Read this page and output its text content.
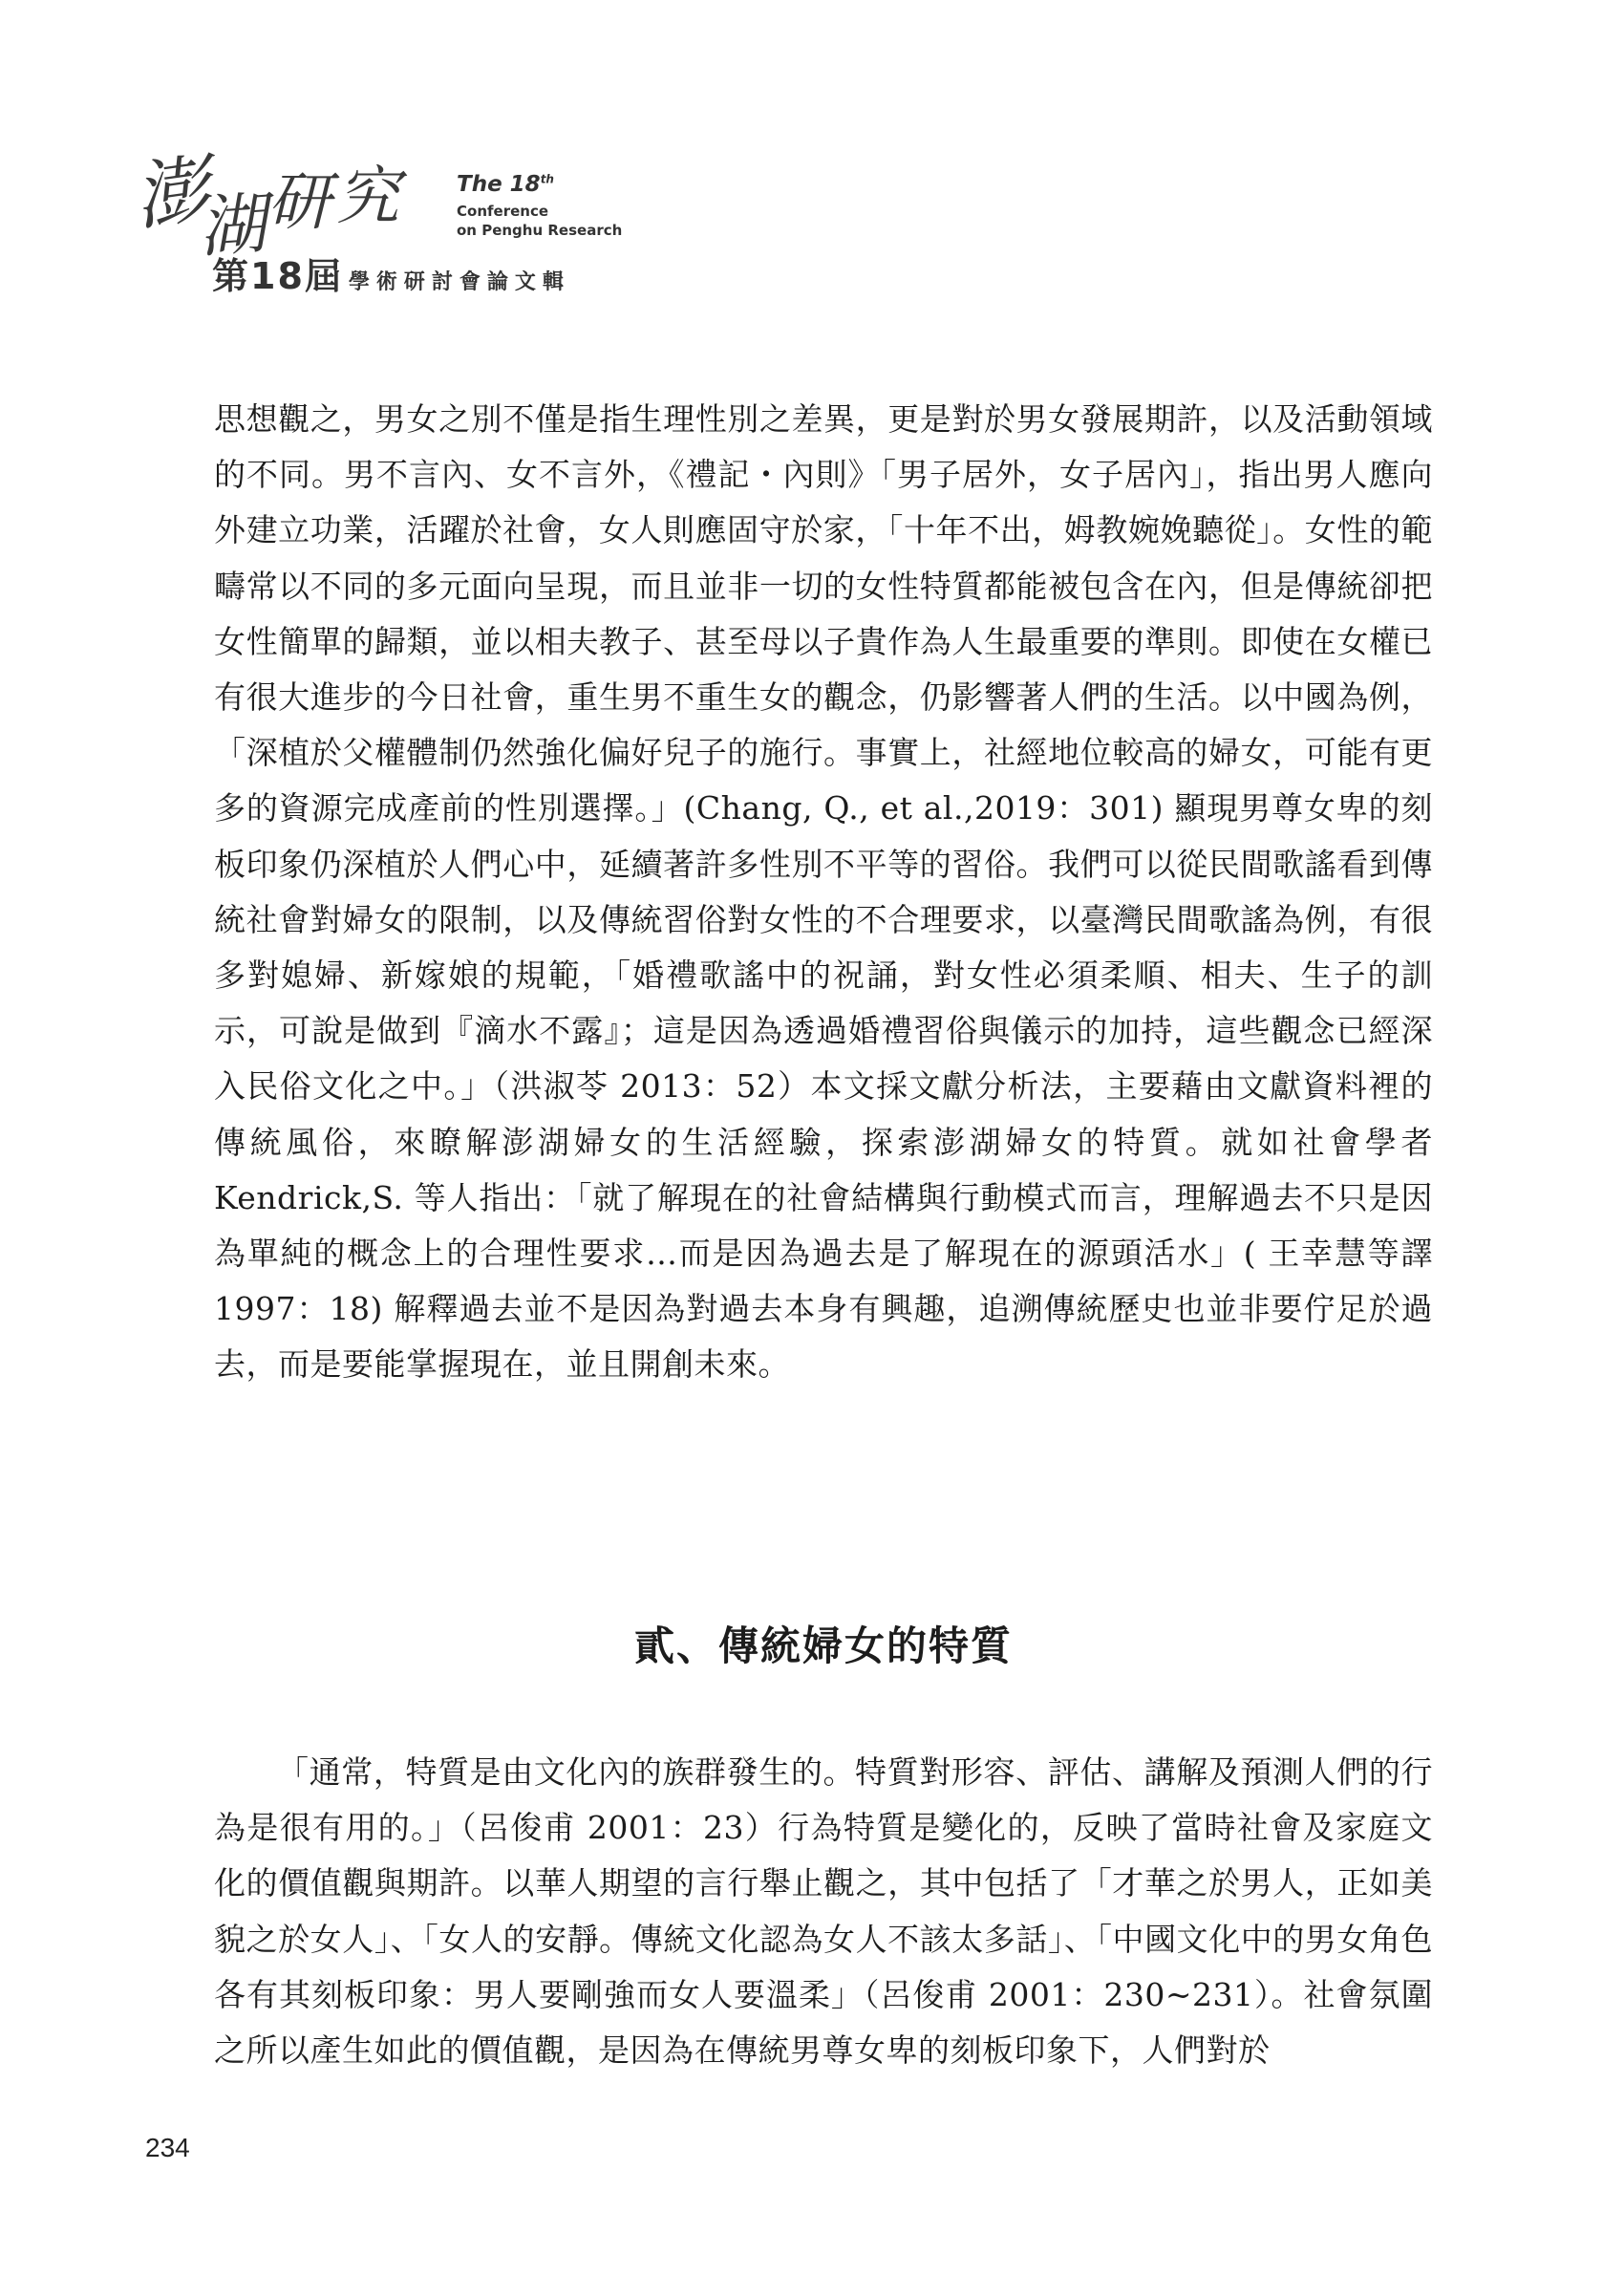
澎
湖
研 究	The 18th
Conference
on Penghu Research
第18屆 學術研討會論文輯

思想觀之，男女之別不僅是指生理性別之差異，更是對於男女發展期許，以及活動領域的不同。男不言內、女不言外，《禮記・內則》「男子居外，女子居內」，指出男人應向外建立功業，活躍於社會，女人則應固守於家，「十年不出，姆教婉娩聽從」。女性的範疇常以不同的多元面向呈現，而且並非一切的女性特質都能被包含在內，但是傳統卻把女性簡單的歸類，並以相夫教子、甚至母以子貴作為人生最重要的準則。即使在女權已有很大進步的今日社會，重生男不重生女的觀念，仍影響著人們的生活。以中國為例，「深植於父權體制仍然強化偏好兒子的施行。事實上，社經地位較高的婦女，可能有更多的資源完成產前的性別選擇。」(Chang, Q., et al.,2019：301) 顯現男尊女卑的刻板印象仍深植於人們心中，延續著許多性別不平等的習俗。我們可以從民間歌謠看到傳統社會對婦女的限制，以及傳統習俗對女性的不合理要求，以臺灣民間歌謠為例，有很多對媳婦、新嫁娘的規範，「婚禮歌謠中的祝誦，對女性必須柔順、相夫、生子的訓示，可說是做到『滴水不露』；這是因為透過婚禮習俗與儀示的加持，這些觀念已經深入民俗文化之中。」（洪淑苓 2013：52）本文採文獻分析法，主要藉由文獻資料裡的傳統風俗，來瞭解澎湖婦女的生活經驗，探索澎湖婦女的特質。就如社會學者 Kendrick,S. 等人指出：「就了解現在的社會結構與行動模式而言，理解過去不只是因為單純的概念上的合理性要求…而是因為過去是了解現在的源頭活水」( 王幸慧等譯 1997：18) 解釋過去並不是因為對過去本身有興趣，追溯傳統歷史也並非要佇足於過去，而是要能掌握現在，並且開創未來。

貳、傳統婦女的特質

「通常，特質是由文化內的族群發生的。特質對形容、評估、講解及預測人們的行為是很有用的。」（呂俊甫 2001：23）行為特質是變化的，反映了當時社會及家庭文化的價值觀與期許。以華人期望的言行舉止觀之，其中包括了「才華之於男人，正如美貌之於女人」、「女人的安靜。傳統文化認為女人不該太多話」、「中國文化中的男女角色各有其刻板印象：男人要剛強而女人要溫柔」（呂俊甫 2001：230~231）。社會氛圍之所以產生如此的價值觀，是因為在傳統男尊女卑的刻板印象下，人們對於

234
